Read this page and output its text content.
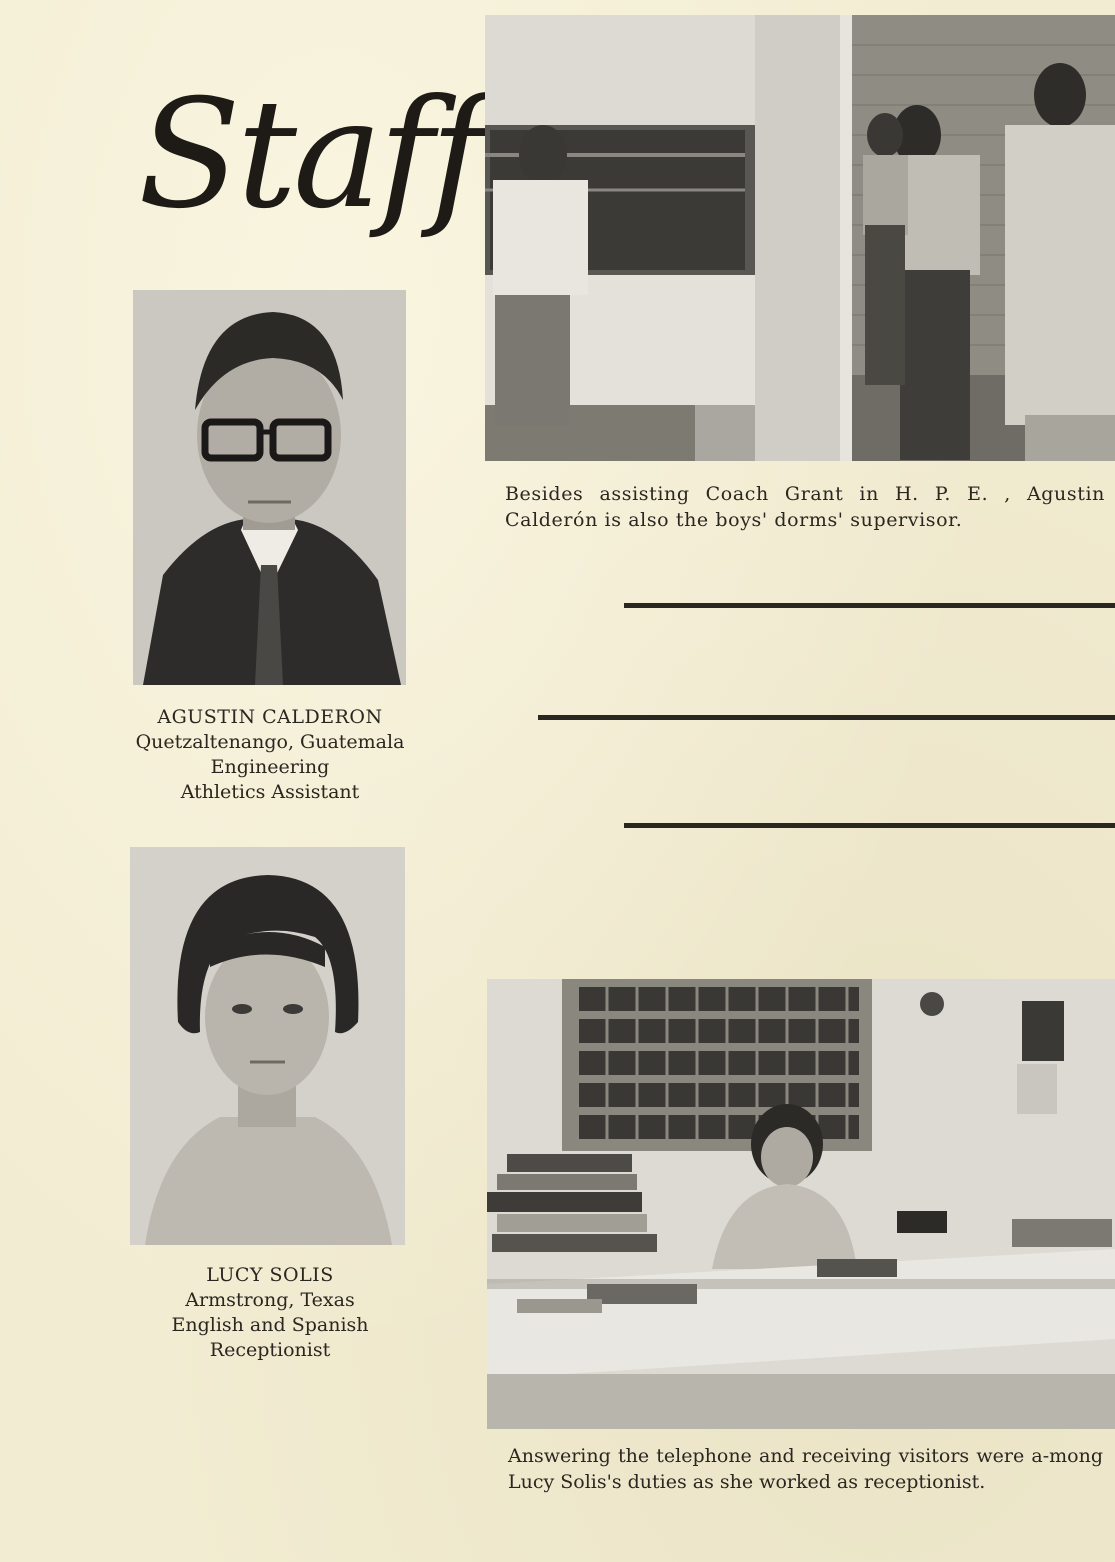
Staff

Besides assisting Coach Grant in H. P. E. , Agustin Calderón is also the boys' dorms' supervisor.

AGUSTIN CALDERON
Quetzaltenango, Guatemala
Engineering
Athletics Assistant
LUCY SOLIS
Armstrong, Texas
English and Spanish
Receptionist

Answering the telephone and receiving visitors were a-mong Lucy Solis's duties as she worked as receptionist.
